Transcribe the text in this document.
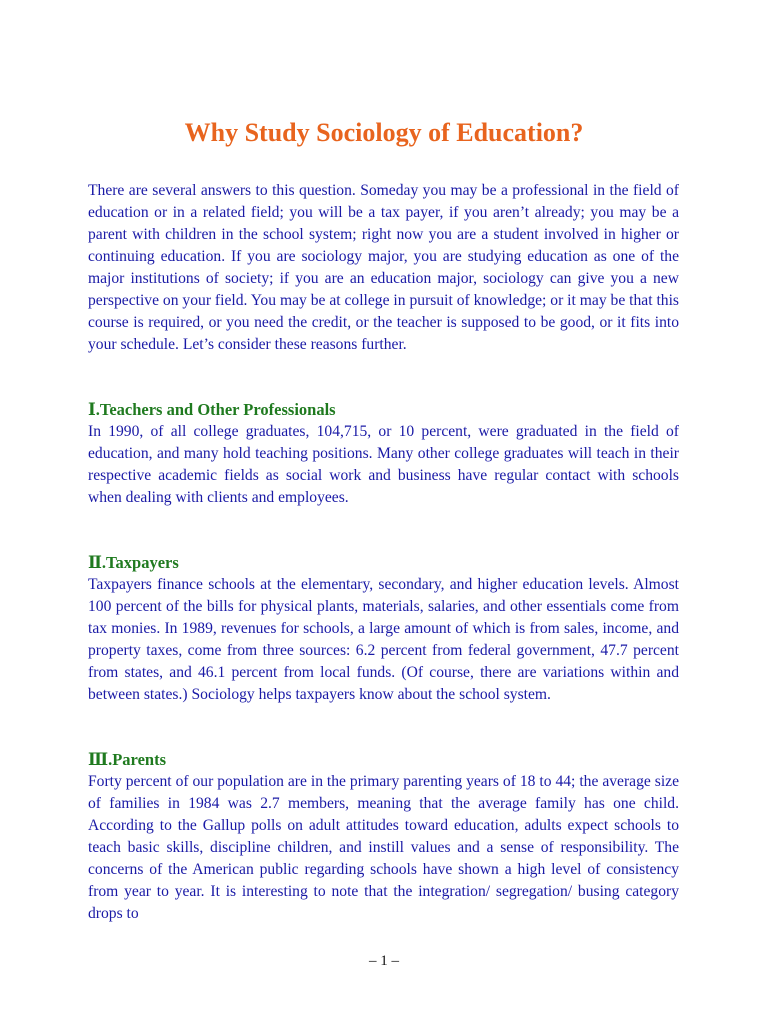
Why Study Sociology of Education?

There are several answers to this question. Someday you may be a professional in the field of education or in a related field; you will be a tax payer, if you aren’t already; you may be a parent with children in the school system; right now you are a student involved in higher or continuing education. If you are sociology major, you are studying education as one of the major institutions of society; if you are an education major, sociology can give you a new perspective on your field. You may be at college in pursuit of knowledge; or it may be that this course is required, or you need the credit, or the teacher is supposed to be good, or it fits into your schedule. Let’s consider these reasons further.

Ⅰ.Teachers and Other Professionals

In 1990, of all college graduates, 104,715, or 10 percent, were graduated in the field of education, and many hold teaching positions. Many other college graduates will teach in their respective academic fields as social work and business have regular contact with schools when dealing with clients and employees.

Ⅱ.Taxpayers

Taxpayers finance schools at the elementary, secondary, and higher education levels. Almost 100 percent of the bills for physical plants, materials, salaries, and other essentials come from tax monies. In 1989, revenues for schools, a large amount of which is from sales, income, and property taxes, come from three sources: 6.2 percent from federal government, 47.7 percent from states, and 46.1 percent from local funds. (Of course, there are variations within and between states.) Sociology helps taxpayers know about the school system.

Ⅲ.Parents

Forty percent of our population are in the primary parenting years of 18 to 44; the average size of families in 1984 was 2.7 members, meaning that the average family has one child. According to the Gallup polls on adult attitudes toward education, adults expect schools to teach basic skills, discipline children, and instill values and a sense of responsibility. The concerns of the American public regarding schools have shown a high level of consistency from year to year. It is interesting to note that the integration/ segregation/ busing category drops to

– 1 –
